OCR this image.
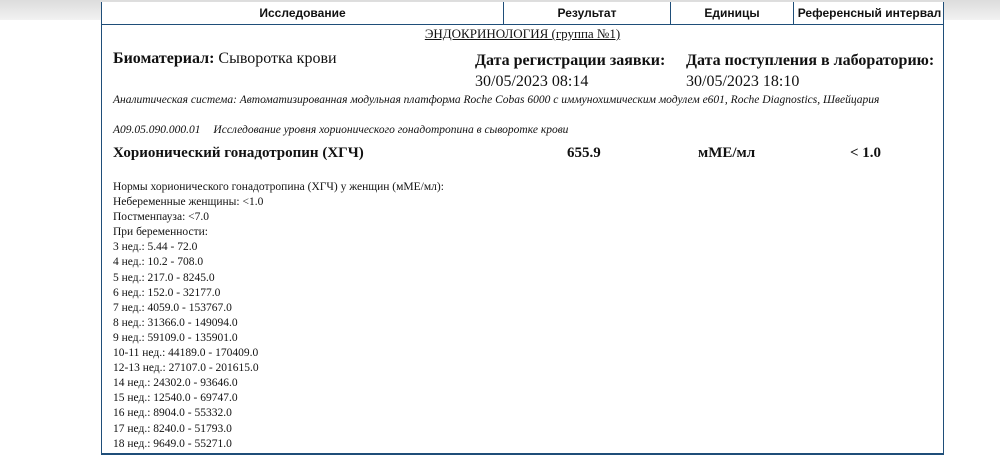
Исследование	Результат	Единицы	Референсный интервал
ЭНДОКРИНОЛОГИЯ (группа №1)
Биоматериал: Сыворотка крови	Дата регистрации заявки:
30/05/2023 08:14
Дата поступления в лабораторию:
30/05/2023 18:10
Аналитическая система: Автоматизированная модульная платформа Roche Cobas 6000 с иммунохимическим модулем е601, Roche Diagnostics, Швейцария
A09.05.090.000.01 Исследование уровня хорионического гонадотропина в сыворотке крови
Хорионический гонадотропин (ХГЧ)	655.9	мМЕ/мл	< 1.0
Нормы хорионического гонадотропина (ХГЧ) у женщин (мМЕ/мл):
Небеременные женщины: <1.0
Постменпауза: <7.0
При беременности:
3 нед.: 5.44 - 72.0
4 нед.: 10.2 - 708.0
5 нед.: 217.0 - 8245.0
6 нед.: 152.0 - 32177.0
7 нед.: 4059.0 - 153767.0
8 нед.: 31366.0 - 149094.0
9 нед.: 59109.0 - 135901.0
10-11 нед.: 44189.0 - 170409.0
12-13 нед.: 27107.0 - 201615.0
14 нед.: 24302.0 - 93646.0
15 нед.: 12540.0 - 69747.0
16 нед.: 8904.0 - 55332.0
17 нед.: 8240.0 - 51793.0
18 нед.: 9649.0 - 55271.0
